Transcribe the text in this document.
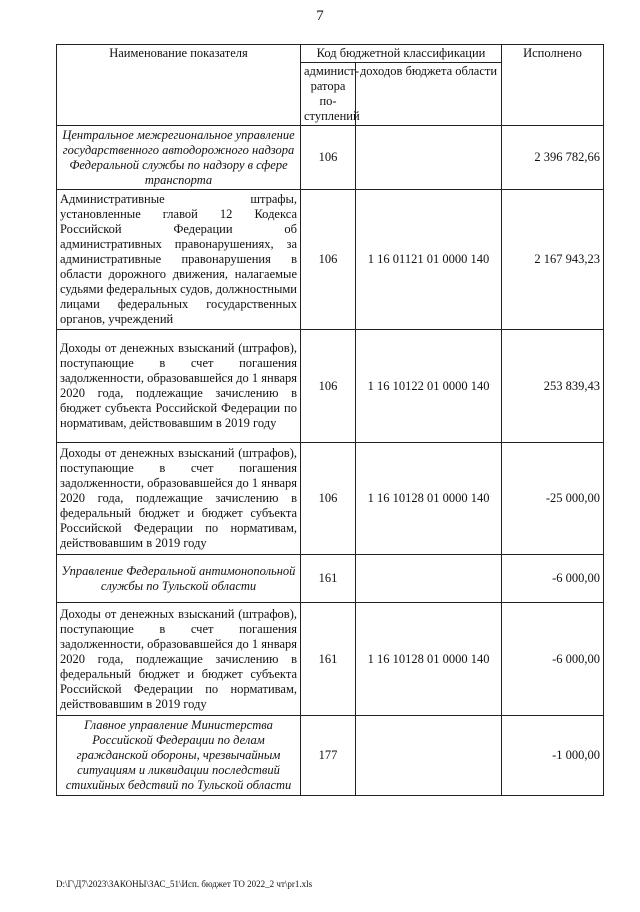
7
Наименование показателя	Код бюджетной классификации		Исполнено
	админист-ратора по-ступлений	доходов бюджета области	
Центральное межрегиональное управление государственного автодорожного надзора Федеральной службы по надзору в сфере транспорта	106		2 396 782,66
Административные штрафы, установленные главой 12 Кодекса Российской Федерации об административных правонарушениях, за административные правонарушения в области дорожного движения, налагаемые судьями федеральных судов, должностными лицами федеральных государственных органов, учреждений	106	1 16 01121 01 0000 140	2 167 943,23
Доходы от денежных взысканий (штрафов), поступающие в счет погашения задолженности, образовавшейся до 1 января 2020 года, подлежащие зачислению в бюджет субъекта Российской Федерации по нормативам, действовавшим в 2019 году	106	1 16 10122 01 0000 140	253 839,43
Доходы от денежных взысканий (штрафов), поступающие в счет погашения задолженности, образовавшейся до 1 января 2020 года, подлежащие зачислению в федеральный бюджет и бюджет субъекта Российской Федерации по нормативам, действовавшим в 2019 году	106	1 16 10128 01 0000 140	-25 000,00
Управление Федеральной антимонопольной службы по Тульской области	161		-6 000,00
Доходы от денежных взысканий (штрафов), поступающие в счет погашения задолженности, образовавшейся до 1 января 2020 года, подлежащие зачислению в федеральный бюджет и бюджет субъекта Российской Федерации по нормативам, действовавшим в 2019 году	161	1 16 10128 01 0000 140	-6 000,00
Главное управление Министерства Российской Федерации по делам гражданской обороны, чрезвычайным ситуациям и ликвидации последствий стихийных бедствий по Тульской области	177		-1 000,00
D:\Г\Д7\2023\ЗАКОНЫ\ЗАС_51\Исп. бюджет ТО 2022_2 чт\pr1.xls
